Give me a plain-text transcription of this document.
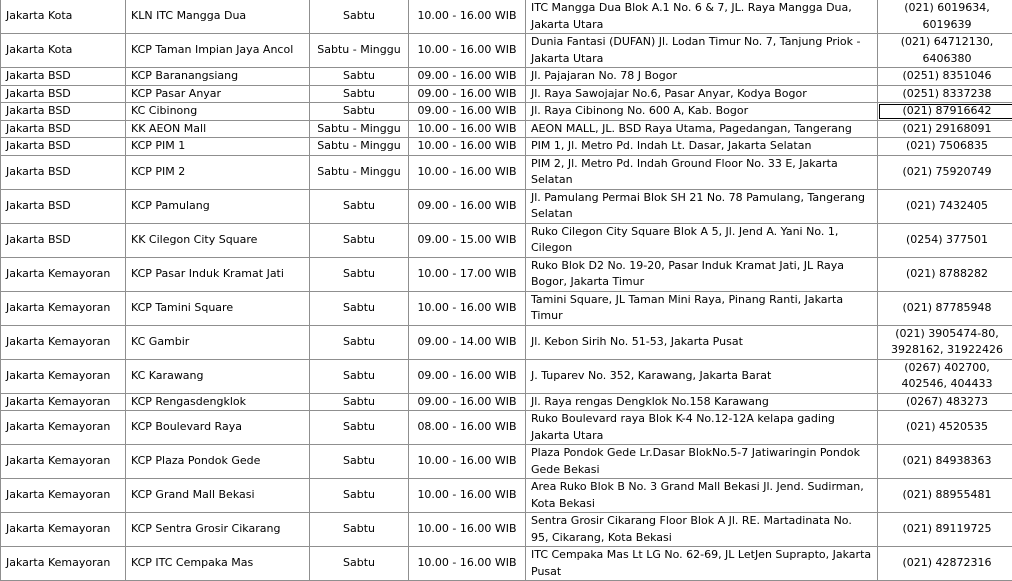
Jakarta Kota	KLN ITC Mangga Dua	Sabtu	10.00 - 16.00 WIB	ITC Mangga Dua Blok A.1 No. 6 & 7, JL. Raya Mangga Dua, Jakarta Utara	(021) 6019634, 6019639
Jakarta Kota	KCP Taman Impian Jaya Ancol	Sabtu - Minggu	10.00 - 16.00 WIB	Dunia Fantasi (DUFAN) Jl. Lodan Timur No. 7, Tanjung Priok - Jakarta Utara	(021) 64712130, 6406380
Jakarta BSD	KCP Baranangsiang	Sabtu	09.00 - 16.00 WIB	Jl. Pajajaran No. 78 J Bogor	(0251) 8351046
Jakarta BSD	KCP Pasar Anyar	Sabtu	09.00 - 16.00 WIB	Jl. Raya Sawojajar No.6, Pasar Anyar, Kodya Bogor	(0251) 8337238
Jakarta BSD	KC Cibinong	Sabtu	09.00 - 16.00 WIB	Jl. Raya Cibinong No. 600 A, Kab. Bogor	(021) 87916642
Jakarta BSD	KK AEON Mall	Sabtu - Minggu	10.00 - 16.00 WIB	AEON MALL, JL. BSD Raya Utama, Pagedangan, Tangerang	(021) 29168091
Jakarta BSD	KCP PIM 1	Sabtu - Minggu	10.00 - 16.00 WIB	PIM 1, Jl. Metro Pd. Indah Lt. Dasar, Jakarta Selatan	(021) 7506835
Jakarta BSD	KCP PIM 2	Sabtu - Minggu	10.00 - 16.00 WIB	PIM 2, Jl. Metro Pd. Indah Ground Floor No. 33 E, Jakarta Selatan	(021) 75920749
Jakarta BSD	KCP Pamulang	Sabtu	09.00 - 16.00 WIB	Jl. Pamulang Permai Blok SH 21 No. 78 Pamulang, Tangerang Selatan	(021) 7432405
Jakarta BSD	KK Cilegon City Square	Sabtu	09.00 - 15.00 WIB	Ruko Cilegon City Square Blok A 5, Jl. Jend A. Yani No. 1, Cilegon	(0254) 377501
Jakarta Kemayoran	KCP Pasar Induk Kramat Jati	Sabtu	10.00 - 17.00 WIB	Ruko Blok D2 No. 19-20, Pasar Induk Kramat Jati, JL Raya Bogor, Jakarta Timur	(021) 8788282
Jakarta Kemayoran	KCP Tamini Square	Sabtu	10.00 - 16.00 WIB	Tamini Square, JL Taman Mini Raya, Pinang Ranti, Jakarta Timur	(021) 87785948
Jakarta Kemayoran	KC Gambir	Sabtu	09.00 - 14.00 WIB	Jl. Kebon Sirih No. 51-53, Jakarta Pusat	(021) 3905474-80, 3928162, 31922426
Jakarta Kemayoran	KC Karawang	Sabtu	09.00 - 16.00 WIB	J. Tuparev No. 352, Karawang, Jakarta Barat	(0267) 402700, 402546, 404433
Jakarta Kemayoran	KCP Rengasdengklok	Sabtu	09.00 - 16.00 WIB	Jl. Raya rengas Dengklok No.158 Karawang	(0267) 483273
Jakarta Kemayoran	KCP Boulevard Raya	Sabtu	08.00 - 16.00 WIB	Ruko Boulevard raya Blok K-4 No.12-12A kelapa gading Jakarta Utara	(021) 4520535
Jakarta Kemayoran	KCP Plaza Pondok Gede	Sabtu	10.00 - 16.00 WIB	Plaza Pondok Gede Lr.Dasar BlokNo.5-7 Jatiwaringin Pondok Gede Bekasi	(021) 84938363
Jakarta Kemayoran	KCP Grand Mall Bekasi	Sabtu	10.00 - 16.00 WIB	Area Ruko Blok B No. 3 Grand Mall Bekasi Jl. Jend. Sudirman, Kota Bekasi	(021) 88955481
Jakarta Kemayoran	KCP Sentra Grosir Cikarang	Sabtu	10.00 - 16.00 WIB	Sentra Grosir Cikarang Floor Blok A Jl. RE. Martadinata No. 95, Cikarang, Kota Bekasi	(021) 89119725
Jakarta Kemayoran	KCP ITC Cempaka Mas	Sabtu	10.00 - 16.00 WIB	ITC Cempaka Mas Lt LG No. 62-69, JL LetJen Suprapto, Jakarta Pusat	(021) 42872316
